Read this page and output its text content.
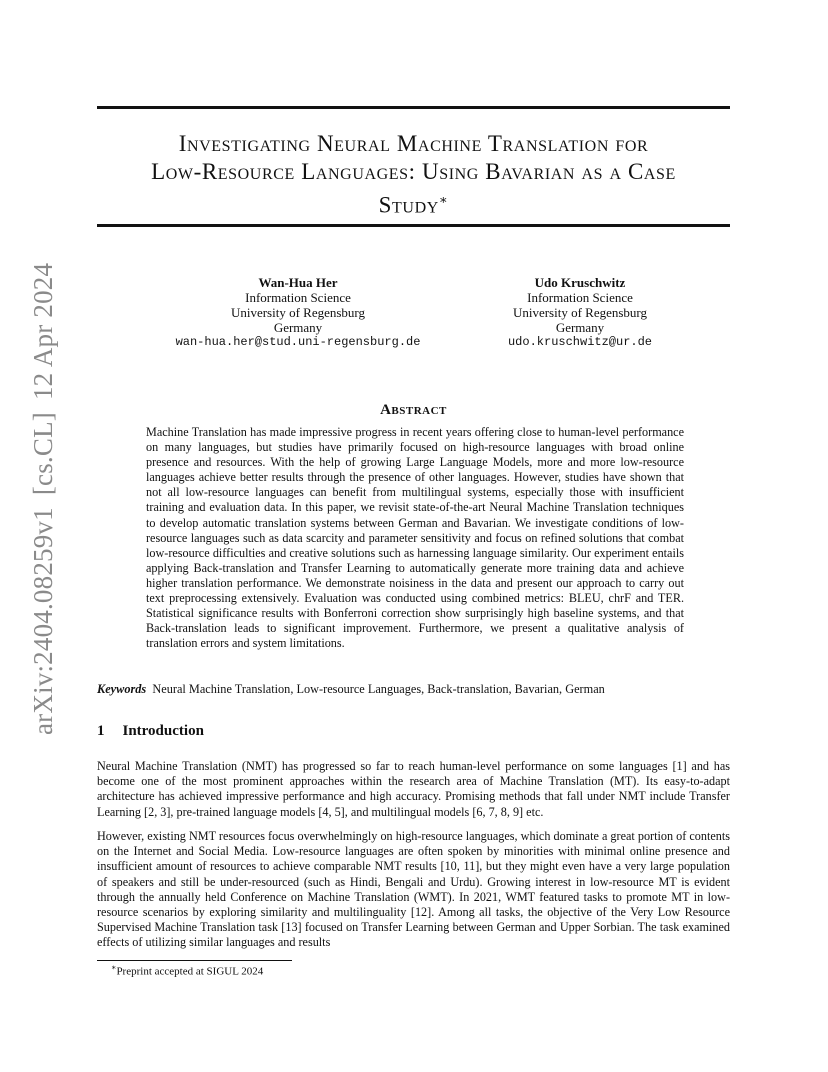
arXiv:2404.08259v1[cs.CL]12 Apr 2024
Investigating Neural Machine Translation for
Low-Resource Languages: Using Bavarian as a Case
Study∗
Wan-Hua Her
Information Science
University of Regensburg
Germany
wan-hua.her@stud.uni-regensburg.de
Udo Kruschwitz
Information Science
University of Regensburg
Germany
udo.kruschwitz@ur.de
Abstract
Machine Translation has made impressive progress in recent years offering close to human-level performance on many languages, but studies have primarily focused on high-resource languages with broad online presence and resources. With the help of growing Large Language Models, more and more low-resource languages achieve better results through the presence of other languages. However, studies have shown that not all low-resource languages can benefit from multilingual systems, especially those with insufficient training and evaluation data. In this paper, we revisit state-of-the-art Neural Machine Translation techniques to develop automatic translation systems between German and Bavarian. We investigate conditions of low-resource languages such as data scarcity and parameter sensitivity and focus on refined solutions that combat low-resource difficulties and creative solutions such as harnessing language similarity. Our experiment entails applying Back-translation and Transfer Learning to automatically generate more training data and achieve higher translation performance. We demonstrate noisiness in the data and present our approach to carry out text preprocessing extensively. Evaluation was conducted using combined metrics: BLEU, chrF and TER. Statistical significance results with Bonferroni correction show surprisingly high baseline systems, and that Back-translation leads to significant improvement. Furthermore, we present a qualitative analysis of translation errors and system limitations.
Keywords Neural Machine Translation, Low-resource Languages, Back-translation, Bavarian, German
1 Introduction
Neural Machine Translation (NMT) has progressed so far to reach human-level performance on some languages [1] and has become one of the most prominent approaches within the research area of Machine Translation (MT). Its easy-to-adapt architecture has achieved impressive performance and high accuracy. Promising methods that fall under NMT include Transfer Learning [2, 3], pre-trained language models [4, 5], and multilingual models [6, 7, 8, 9] etc.
However, existing NMT resources focus overwhelmingly on high-resource languages, which dominate a great portion of contents on the Internet and Social Media. Low-resource languages are often spoken by minorities with minimal online presence and insufficient amount of resources to achieve comparable NMT results [10, 11], but they might even have a very large population of speakers and still be under-resourced (such as Hindi, Bengali and Urdu). Growing interest in low-resource MT is evident through the annually held Conference on Machine Translation (WMT). In 2021, WMT featured tasks to promote MT in low-resource scenarios by exploring similarity and multilinguality [12]. Among all tasks, the objective of the Very Low Resource Supervised Machine Translation task [13] focused on Transfer Learning between German and Upper Sorbian. The task examined effects of utilizing similar languages and results
∗Preprint accepted at SIGUL 2024
